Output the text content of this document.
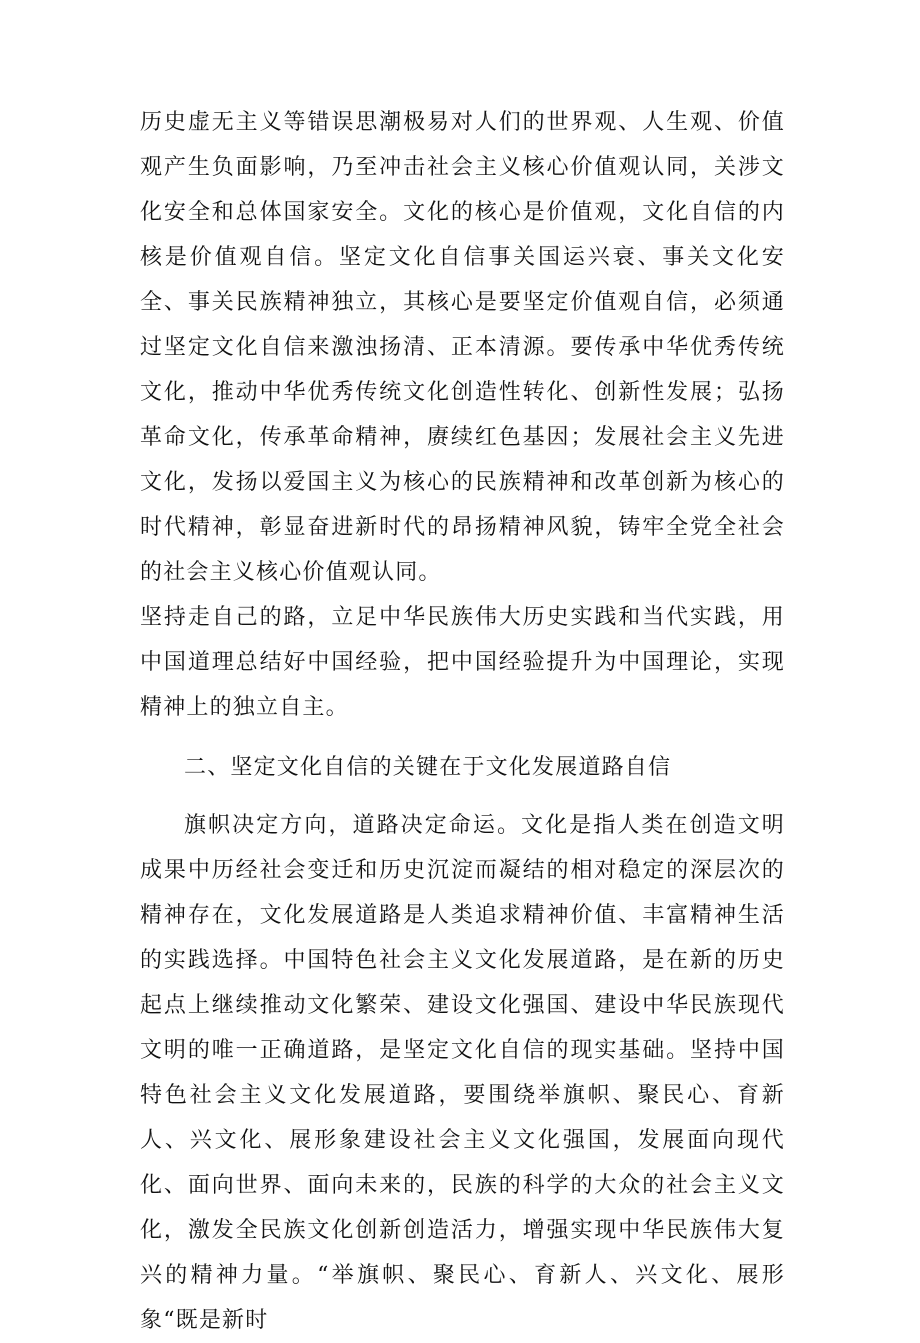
历史虚无主义等错误思潮极易对人们的世界观、人生观、价值观产生负面影响，乃至冲击社会主义核心价值观认同，关涉文化安全和总体国家安全。文化的核心是价值观，文化自信的内核是价值观自信。坚定文化自信事关国运兴衰、事关文化安全、事关民族精神独立，其核心是要坚定价值观自信，必须通过坚定文化自信来激浊扬清、正本清源。要传承中华优秀传统文化，推动中华优秀传统文化创造性转化、创新性发展；弘扬革命文化，传承革命精神，赓续红色基因；发展社会主义先进文化，发扬以爱国主义为核心的民族精神和改革创新为核心的时代精神，彰显奋进新时代的昂扬精神风貌，铸牢全党全社会的社会主义核心价值观认同。

坚持走自己的路，立足中华民族伟大历史实践和当代实践，用中国道理总结好中国经验，把中国经验提升为中国理论，实现精神上的独立自主。

二、坚定文化自信的关键在于文化发展道路自信

旗帜决定方向，道路决定命运。文化是指人类在创造文明成果中历经社会变迁和历史沉淀而凝结的相对稳定的深层次的精神存在，文化发展道路是人类追求精神价值、丰富精神生活的实践选择。中国特色社会主义文化发展道路，是在新的历史起点上继续推动文化繁荣、建设文化强国、建设中华民族现代文明的唯一正确道路，是坚定文化自信的现实基础。坚持中国特色社会主义文化发展道路，要围绕举旗帜、聚民心、育新人、兴文化、展形象建设社会主义文化强国，发展面向现代化、面向世界、面向未来的，民族的科学的大众的社会主义文化，激发全民族文化创新创造活力，增强实现中华民族伟大复兴的精神力量。“举旗帜、聚民心、育新人、兴文化、展形象“既是新时
